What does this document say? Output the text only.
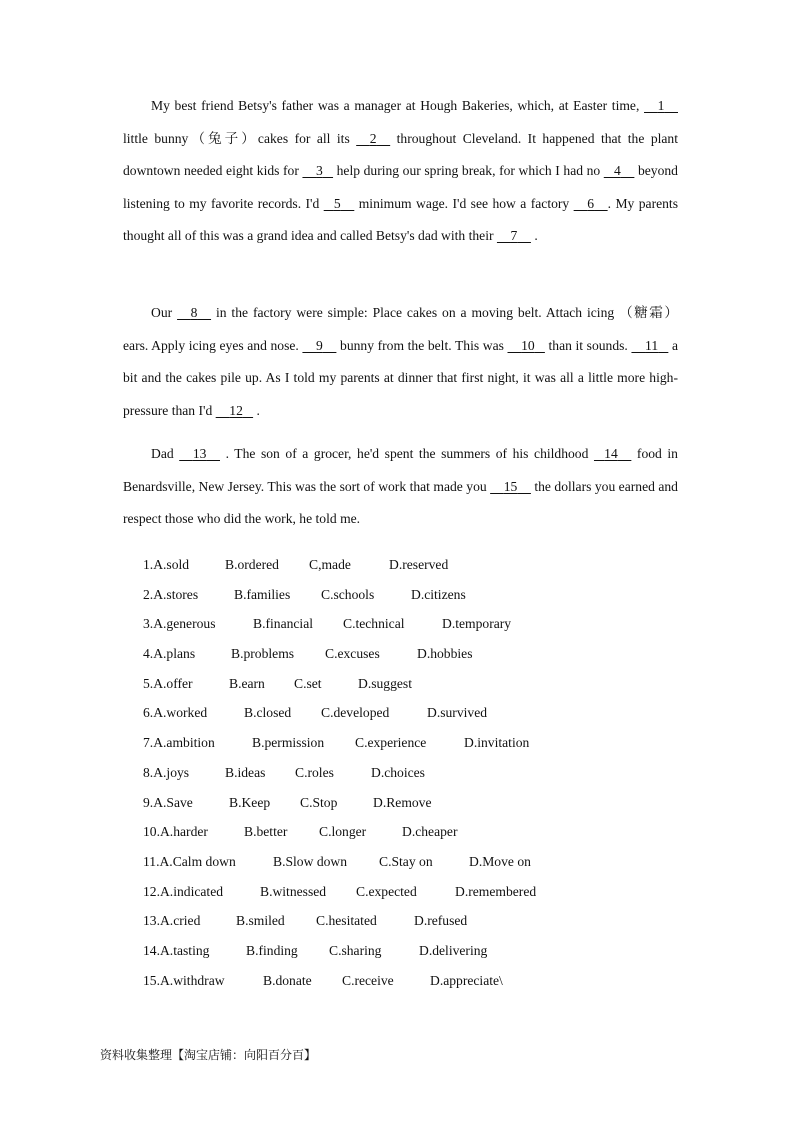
My best friend Betsy's father was a manager at Hough Bakeries, which, at Easter time, 1     little bunny（兔子）cakes for all its 2 throughout Cleveland. It happened that the plant downtown needed eight kids for 3 help during our spring break, for which I had no 4 beyond listening to my favorite records. I'd 5 minimum wage. I'd see how a factory 6 . My parents thought all of this was a grand idea and called Betsy's dad with their 7 .

Our 8 in the factory were simple: Place cakes on a moving belt. Attach icing （糖霜） ears. Apply icing eyes and nose. 9 bunny from the belt. This was 10 than it sounds. 11 a bit and the cakes pile up. As I told my parents at dinner that first night, it was all a little more high-pressure than I'd 12 .

Dad 13 . The son of a grocer, he'd spent the summers of his childhood 14 food in Benardsville, New Jersey. This was the sort of work that made you 15 the dollars you earned and respect those who did the work, he told me.

1.A.sold	B.ordered C,made	D.reserved
2.A.stores	B.families C.schools	D.citizens
3.A.generous	B.financial C.technical	D.temporary
4.A.plans	B.problems C.excuses	D.hobbies
5.A.offer	B.earn C.set	D.suggest
6.A.worked	B.closed C.developed	D.survived
7.A.ambition	B.permission C.experience	D.invitation
8.A.joys	B.ideas C.roles	D.choices
9.A.Save	B.Keep C.Stop	D.Remove
10.A.harder	B.better C.longer	D.cheaper
11.A.Calm down	B.Slow down C.Stay on	D.Move on
12.A.indicated	B.witnessed C.expected	D.remembered
13.A.cried	B.smiled C.hesitated	D.refused
14.A.tasting	B.finding C.sharing	D.delivering
15.A.withdraw	B.donate C.receive	D.appreciate\
资料收集整理【淘宝店铺：向阳百分百】
